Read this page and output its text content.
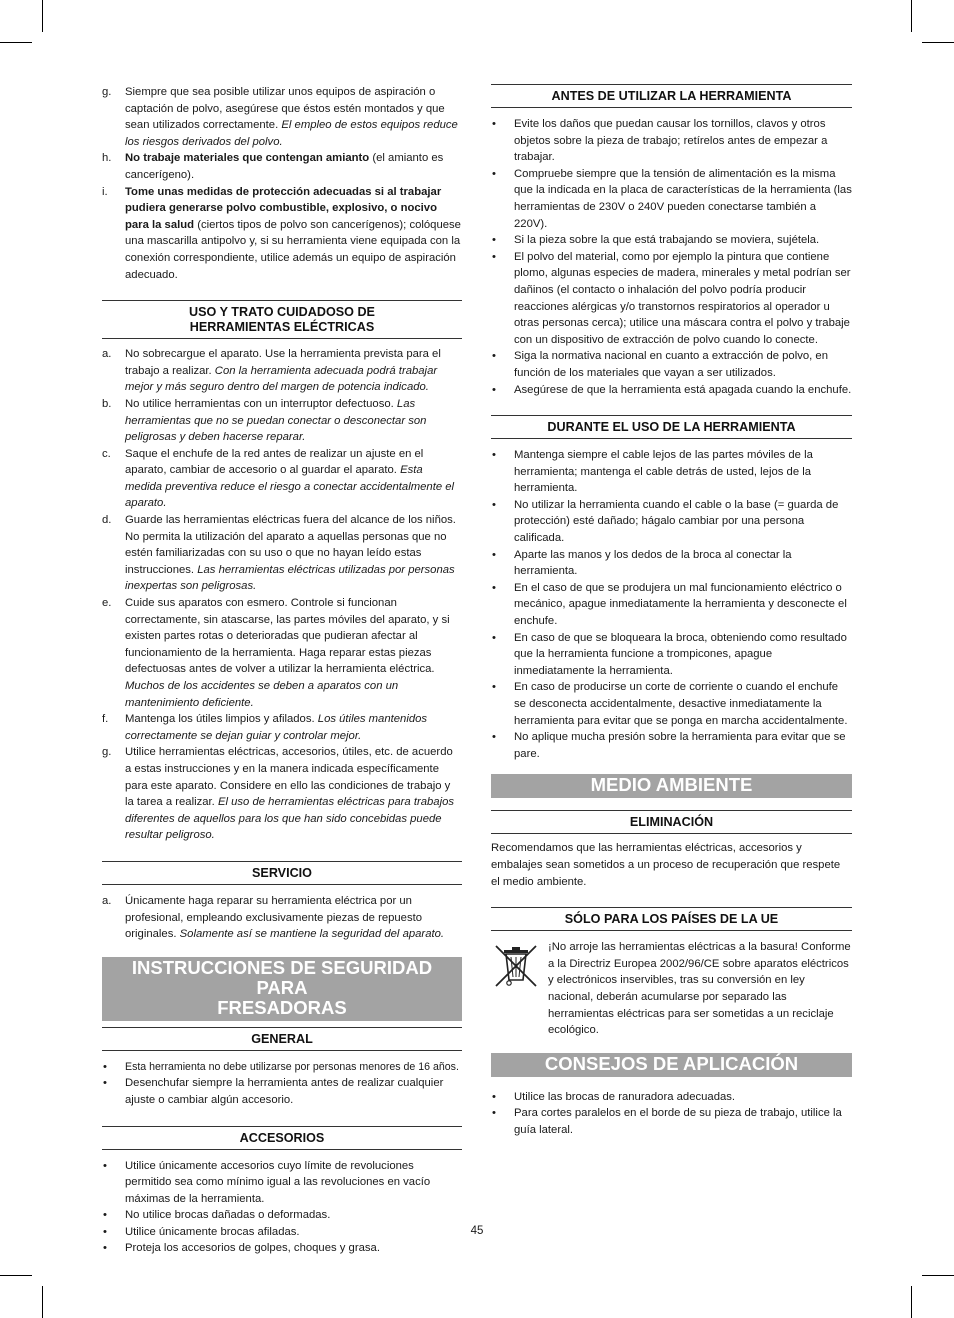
g. Siempre que sea posible utilizar unos equipos de aspiración o captación de polvo, asegúrese que éstos estén montados y que sean utilizados correctamente. El empleo de estos equipos reduce los riesgos derivados del polvo.
h. No trabaje materiales que contengan amianto (el amianto es cancerígeno).
i. Tome unas medidas de protección adecuadas si al trabajar pudiera generarse polvo combustible, explosivo, o nocivo para la salud (ciertos tipos de polvo son cancerígenos); colóquese una mascarilla antipolvo y, si su herramienta viene equipada con la conexión correspondiente, utilice además un equipo de aspiración adecuado.
USO Y TRATO CUIDADOSO DE
HERRAMIENTAS ELÉCTRICAS
a. No sobrecargue el aparato. Use la herramienta prevista para el trabajo a realizar. Con la herramienta adecuada podrá trabajar mejor y más seguro dentro del margen de potencia indicado.
b. No utilice herramientas con un interruptor defectuoso. Las herramientas que no se puedan conectar o desconectar son peligrosas y deben hacerse reparar.
c. Saque el enchufe de la red antes de realizar un ajuste en el aparato, cambiar de accesorio o al guardar el aparato. Esta medida preventiva reduce el riesgo a conectar accidentalmente el aparato.
d. Guarde las herramientas eléctricas fuera del alcance de los niños. No permita la utilización del aparato a aquellas personas que no estén familiarizadas con su uso o que no hayan leído estas instrucciones. Las herramientas eléctricas utilizadas por personas inexpertas son peligrosas.
e. Cuide sus aparatos con esmero. Controle si funcionan correctamente, sin atascarse, las partes móviles del aparato, y si existen partes rotas o deterioradas que pudieran afectar al funcionamiento de la herramienta. Haga reparar estas piezas defectuosas antes de volver a utilizar la herramienta eléctrica. Muchos de los accidentes se deben a aparatos con un mantenimiento deficiente.
f. Mantenga los útiles limpios y afilados. Los útiles mantenidos correctamente se dejan guiar y controlar mejor.
g. Utilice herramientas eléctricas, accesorios, útiles, etc. de acuerdo a estas instrucciones y en la manera indicada específicamente para este aparato. Considere en ello las condiciones de trabajo y la tarea a realizar. El uso de herramientas eléctricas para trabajos diferentes de aquellos para los que han sido concebidas puede resultar peligroso.
SERVICIO
a. Únicamente haga reparar su herramienta eléctrica por un profesional, empleando exclusivamente piezas de repuesto originales. Solamente así se mantiene la seguridad del aparato.
INSTRUCCIONES DE SEGURIDAD PARA
FRESADORAS
GENERAL
• Esta herramienta no debe utilizarse por personas menores de 16 años.
• Desenchufar siempre la herramienta antes de realizar cualquier ajuste o cambiar algún accesorio.
ACCESORIOS
• Utilice únicamente accesorios cuyo límite de revoluciones permitido sea como mínimo igual a las revoluciones en vacío máximas de la herramienta.
• No utilice brocas dañadas o deformadas.
• Utilice únicamente brocas afiladas.
• Proteja los accesorios de golpes, choques y grasa.
ANTES DE UTILIZAR LA HERRAMIENTA
• Evite los daños que puedan causar los tornillos, clavos y otros objetos sobre la pieza de trabajo; retírelos antes de empezar a trabajar.
• Compruebe siempre que la tensión de alimentación es la misma que la indicada en la placa de características de la herramienta (las herramientas de 230V o 240V pueden conectarse también a 220V).
• Si la pieza sobre la que está trabajando se moviera, sujétela.
• El polvo del material, como por ejemplo la pintura que contiene plomo, algunas especies de madera, minerales y metal podrían ser dañinos (el contacto o inhalación del polvo podría producir reacciones alérgicas y/o transtornos respiratorios al operador u otras personas cerca); utilice una máscara contra el polvo y trabaje con un dispositivo de extracción de polvo cuando lo conecte.
• Siga la normativa nacional en cuanto a extracción de polvo, en función de los materiales que vayan a ser utilizados.
• Asegúrese de que la herramienta está apagada cuando la enchufe.
DURANTE EL USO DE LA HERRAMIENTA
• Mantenga siempre el cable lejos de las partes móviles de la herramienta; mantenga el cable detrás de usted, lejos de la herramienta.
• No utilizar la herramienta cuando el cable o la base (= guarda de protección) esté dañado; hágalo cambiar por una persona calificada.
• Aparte las manos y los dedos de la broca al conectar la herramienta.
• En el caso de que se produjera un mal funcionamiento eléctrico o mecánico, apague inmediatamente la herramienta y desconecte el enchufe.
• En caso de que se bloqueara la broca, obteniendo como resultado que la herramienta funcione a trompicones, apague inmediatamente la herramienta.
• En caso de producirse un corte de corriente o cuando el enchufe se desconecta accidentalmente, desactive inmediatamente la herramienta para evitar que se ponga en marcha accidentalmente.
• No aplique mucha presión sobre la herramienta para evitar que se pare.
MEDIO AMBIENTE
ELIMINACIÓN

Recomendamos que las herramientas eléctricas, accesorios y embalajes sean sometidos a un proceso de recuperación que respete el medio ambiente.

SÓLO PARA LOS PAÍSES DE LA UE

¡No arroje las herramientas eléctricas a la basura! Conforme a la Directriz Europea 2002/96/CE sobre aparatos eléctricos y electrónicos inservibles, tras su conversión en ley nacional, deberán acumularse por separado las herramientas eléctricas para ser sometidas a un reciclaje ecológico.

CONSEJOS DE APLICACIÓN
• Utilice las brocas de ranuradora adecuadas.
• Para cortes paralelos en el borde de su pieza de trabajo, utilice la guía lateral.
45
